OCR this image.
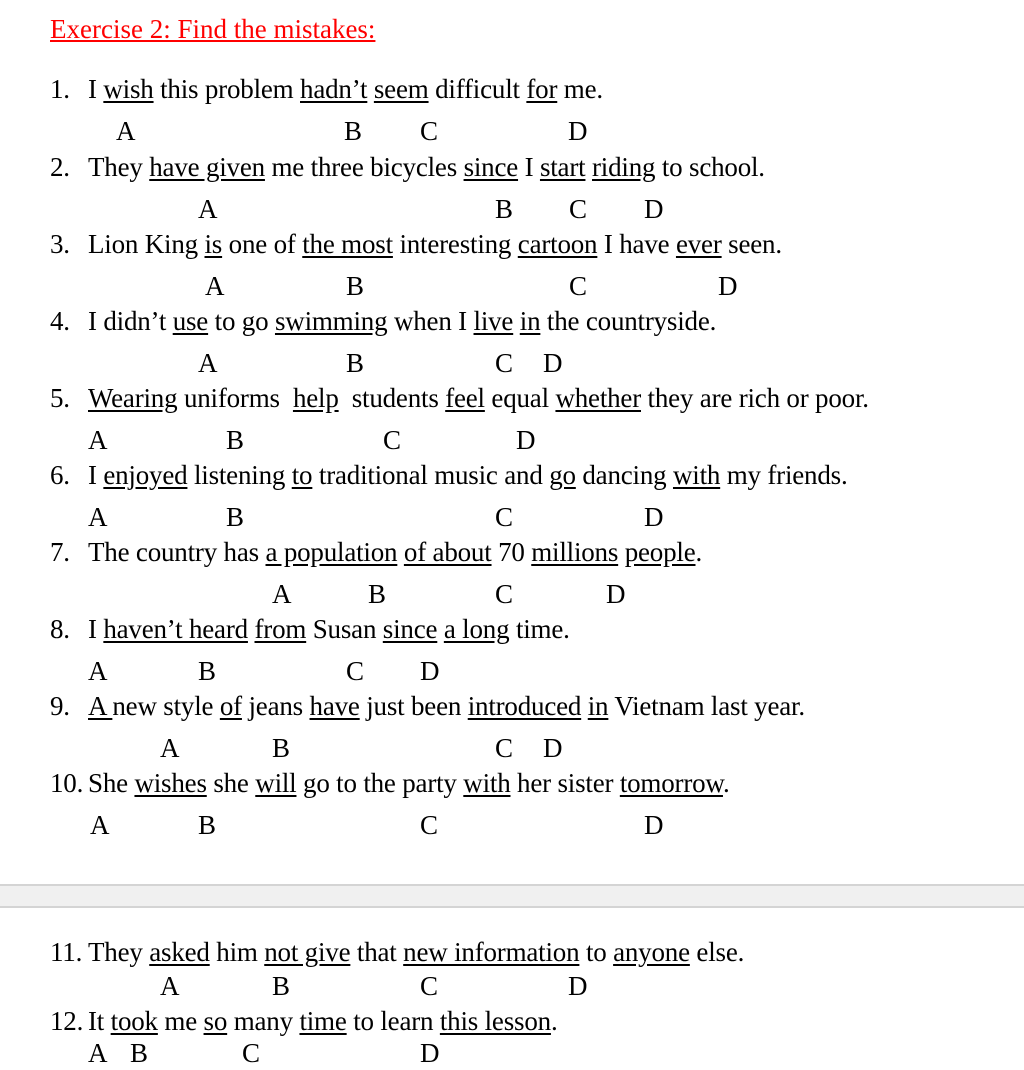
Exercise 2: Find the mistakes:
1. I wish this problem hadn’t seem difficult for me.
A	B C	D
2. They have given me three bicycles since I start riding to school.
A	B C D
3. Lion King is one of the most interesting cartoon I have ever seen.
A	B	C	D
4. I didn’t use to go swimming when I live in the countryside.
A	B	C D
5. Wearing uniforms  help  students feel equal whether they are rich or poor.
A	B	C	D
6. I enjoyed listening to traditional music and go dancing with my friends.
A	B	C	D
7. The country has a population of about 70 millions people.
A	B	C	D
8. I haven’t heard from Susan since a long time.
A	B	C D
9. A new style of jeans have just been introduced in Vietnam last year.
A	B	C D
10. She wishes she will go to the party with her sister tomorrow.
A	B	C	D
11. They asked him not give that new information to anyone else.
A	B	C	D
12. It took me so many time to learn this lesson.
A B	C	D
